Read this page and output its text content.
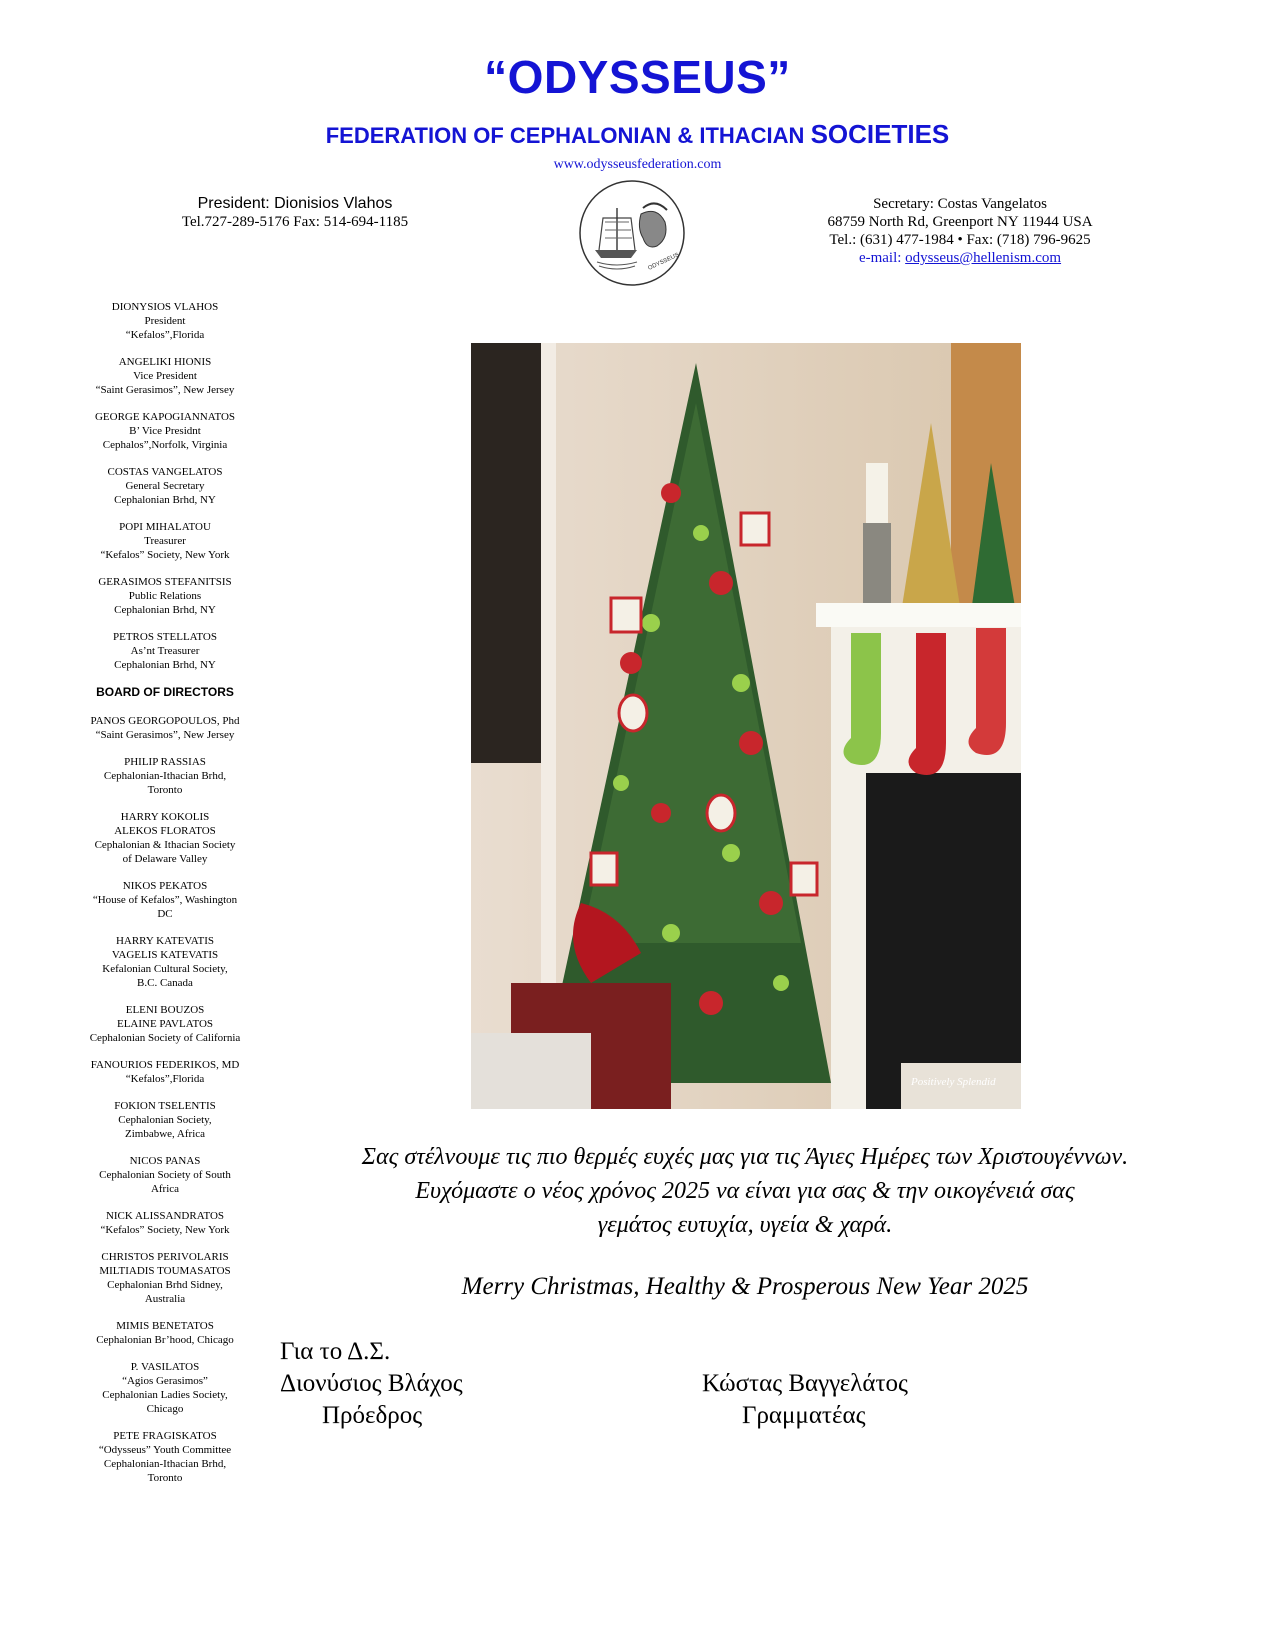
“ODYSSEUS”
FEDERATION OF CEPHALONIAN & ITHACIAN SOCIETIES
www.odysseusfederation.com
President: Dionisios Vlahos
Tel.727-289-5176 Fax: 514-694-1185
ODYSSEUS
Secretary: Costas Vangelatos
68759 North Rd, Greenport NY 11944 USA
Tel.: (631) 477-1984 • Fax: (718) 796-9625
e-mail: odysseus@hellenism.com
DIONYSIOS VLAHOS
President
“Kefalos”,Florida
ANGELIKI HIONIS
Vice President
“Saint Gerasimos”, New Jersey
GEORGE KAPOGIANNATOS
B’ Vice Presidnt
Cephalos”,Norfolk, Virginia
COSTAS VANGELATOS
General Secretary
Cephalonian Brhd, NY
POPI MIHALATOU
Treasurer
“Kefalos” Society, New York
GERASIMOS STEFANITSIS
Public Relations
Cephalonian Brhd, NY
PETROS STELLATOS
As’nt Treasurer
Cephalonian Brhd, NY
BOARD OF DIRECTORS
PANOS GEORGOPOULOS, Phd
“Saint Gerasimos”, New Jersey
PHILIP RASSIAS
Cephalonian-Ithacian Brhd,
Toronto
HARRY KOKOLIS
ALEKOS FLORATOS
Cephalonian & Ithacian Society
of Delaware Valley
NIKOS PEKATOS
“House of Kefalos”, Washington
DC
HARRY KATEVATIS
VAGELIS KATEVATIS
Kefalonian Cultural Society,
B.C. Canada
ELENI BOUZOS
ELAINE PAVLATOS
Cephalonian Society of California
FANOURIOS FEDERIKOS, MD
“Kefalos”,Florida
FOKION TSELENTIS
Cephalonian Society,
Zimbabwe, Africa
NICOS PANAS
Cephalonian Society of South
Africa
NICK ALISSANDRATOS
“Kefalos” Society, New York
CHRISTOS PERIVOLARIS
MILTIADIS TOUMASATOS
Cephalonian Brhd Sidney,
Australia
MIMIS BENETATOS
Cephalonian Br’hood, Chicago
P. VASILATOS
“Agios Gerasimos”
Cephalonian Ladies Society,
Chicago
PETE FRAGISKATOS
“Odysseus” Youth Committee
Cephalonian-Ithacian Brhd,
Toronto
Positively Splendid
Σας στέλνουμε τις πιο θερμές ευχές μας για τις Άγιες Ημέρες των Χριστουγέννων.
Ευχόμαστε ο νέος χρόνος 2025 να είναι για σας & την οικογένειά σας
γεμάτος ευτυχία, υγεία & χαρά.
Merry Christmas, Healthy & Prosperous New Year 2025
Για το Δ.Σ.
Διονύσιος Βλάχος
Πρόεδρος
Κώστας Βαγγελάτος
Γραμματέας
